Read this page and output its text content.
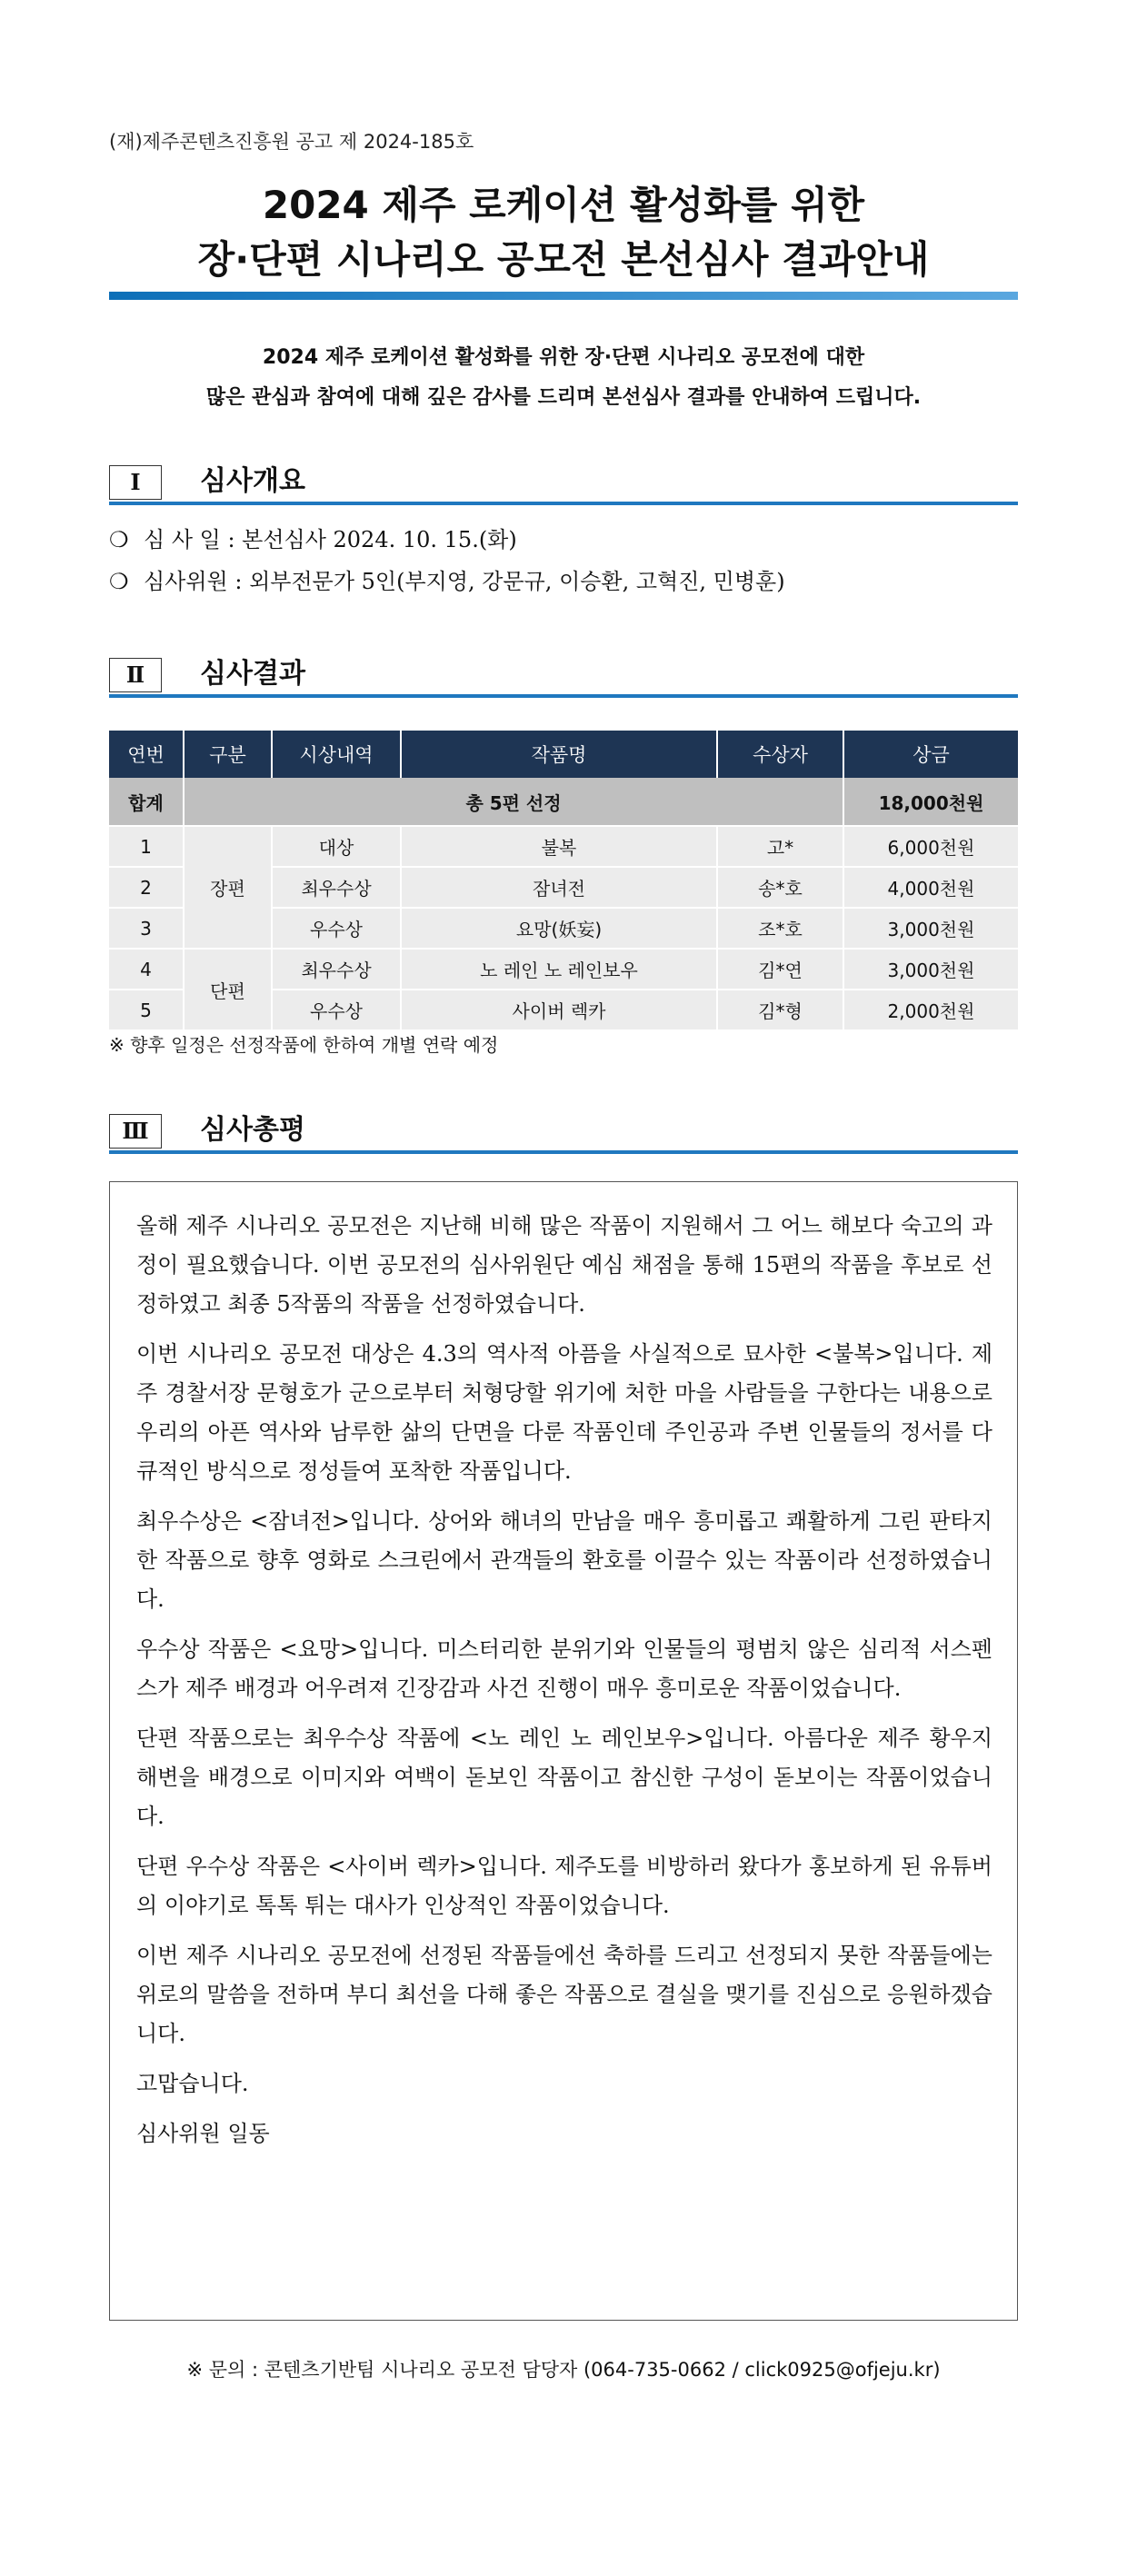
(재)제주콘텐츠진흥원 공고 제 2024-185호
2024 제주 로케이션 활성화를 위한
장·단편 시나리오 공모전 본선심사 결과안내
2024 제주 로케이션 활성화를 위한 장·단편 시나리오 공모전에 대한
많은 관심과 참여에 대해 깊은 감사를 드리며 본선심사 결과를 안내하여 드립니다.
Ⅰ	심사개요
❍ 심 사 일 : 본선심사 2024. 10. 15.(화)
❍ 심사위원 : 외부전문가 5인(부지영, 강문규, 이승환, 고혁진, 민병훈)
Ⅱ	심사결과
연번	구분	시상내역	작품명	수상자	상금
합계	총 5편 선정				18,000천원
1	장편	대상	불복	고*	6,000천원
2		최우수상	잠녀전	송*호	4,000천원
3		우수상	요망(妖妄)	조*호	3,000천원
4	단편	최우수상	노 레인 노 레인보우	김*연	3,000천원
5		우수상	사이버 렉카	김*형	2,000천원
※ 향후 일정은 선정작품에 한하여 개별 연락 예정
Ⅲ	심사총평

올해 제주 시나리오 공모전은 지난해 비해 많은 작품이 지원해서 그 어느 해보다 숙고의 과정이 필요했습니다. 이번 공모전의 심사위원단 예심 채점을 통해 15편의 작품을 후보로 선정하였고 최종 5작품의 작품을 선정하였습니다.

이번 시나리오 공모전 대상은 4.3의 역사적 아픔을 사실적으로 묘사한 <불복>입니다. 제주 경찰서장 문형호가 군으로부터 처형당할 위기에 처한 마을 사람들을 구한다는 내용으로 우리의 아픈 역사와 남루한 삶의 단면을 다룬 작품인데 주인공과 주변 인물들의 정서를 다큐적인 방식으로 정성들여 포착한 작품입니다.

최우수상은 <잠녀전>입니다. 상어와 해녀의 만남을 매우 흥미롭고 쾌활하게 그린 판타지한 작품으로 향후 영화로 스크린에서 관객들의 환호를 이끌수 있는 작품이라 선정하였습니다.

우수상 작품은 <요망>입니다. 미스터리한 분위기와 인물들의 평범치 않은 심리적 서스펜스가 제주 배경과 어우려져 긴장감과 사건 진행이 매우 흥미로운 작품이었습니다.

단편 작품으로는 최우수상 작품에 <노 레인 노 레인보우>입니다. 아름다운 제주 황우지 해변을 배경으로 이미지와 여백이 돋보인 작품이고 참신한 구성이 돋보이는 작품이었습니다.

단편 우수상 작품은 <사이버 렉카>입니다. 제주도를 비방하러 왔다가 홍보하게 된 유튜버의 이야기로 톡톡 튀는 대사가 인상적인 작품이었습니다.

이번 제주 시나리오 공모전에 선정된 작품들에선 축하를 드리고 선정되지 못한 작품들에는 위로의 말씀을 전하며 부디 최선을 다해 좋은 작품으로 결실을 맺기를 진심으로 응원하겠습니다.

고맙습니다.

심사위원 일동

※ 문의 : 콘텐츠기반팀 시나리오 공모전 담당자 (064-735-0662 / click0925@ofjeju.kr)
